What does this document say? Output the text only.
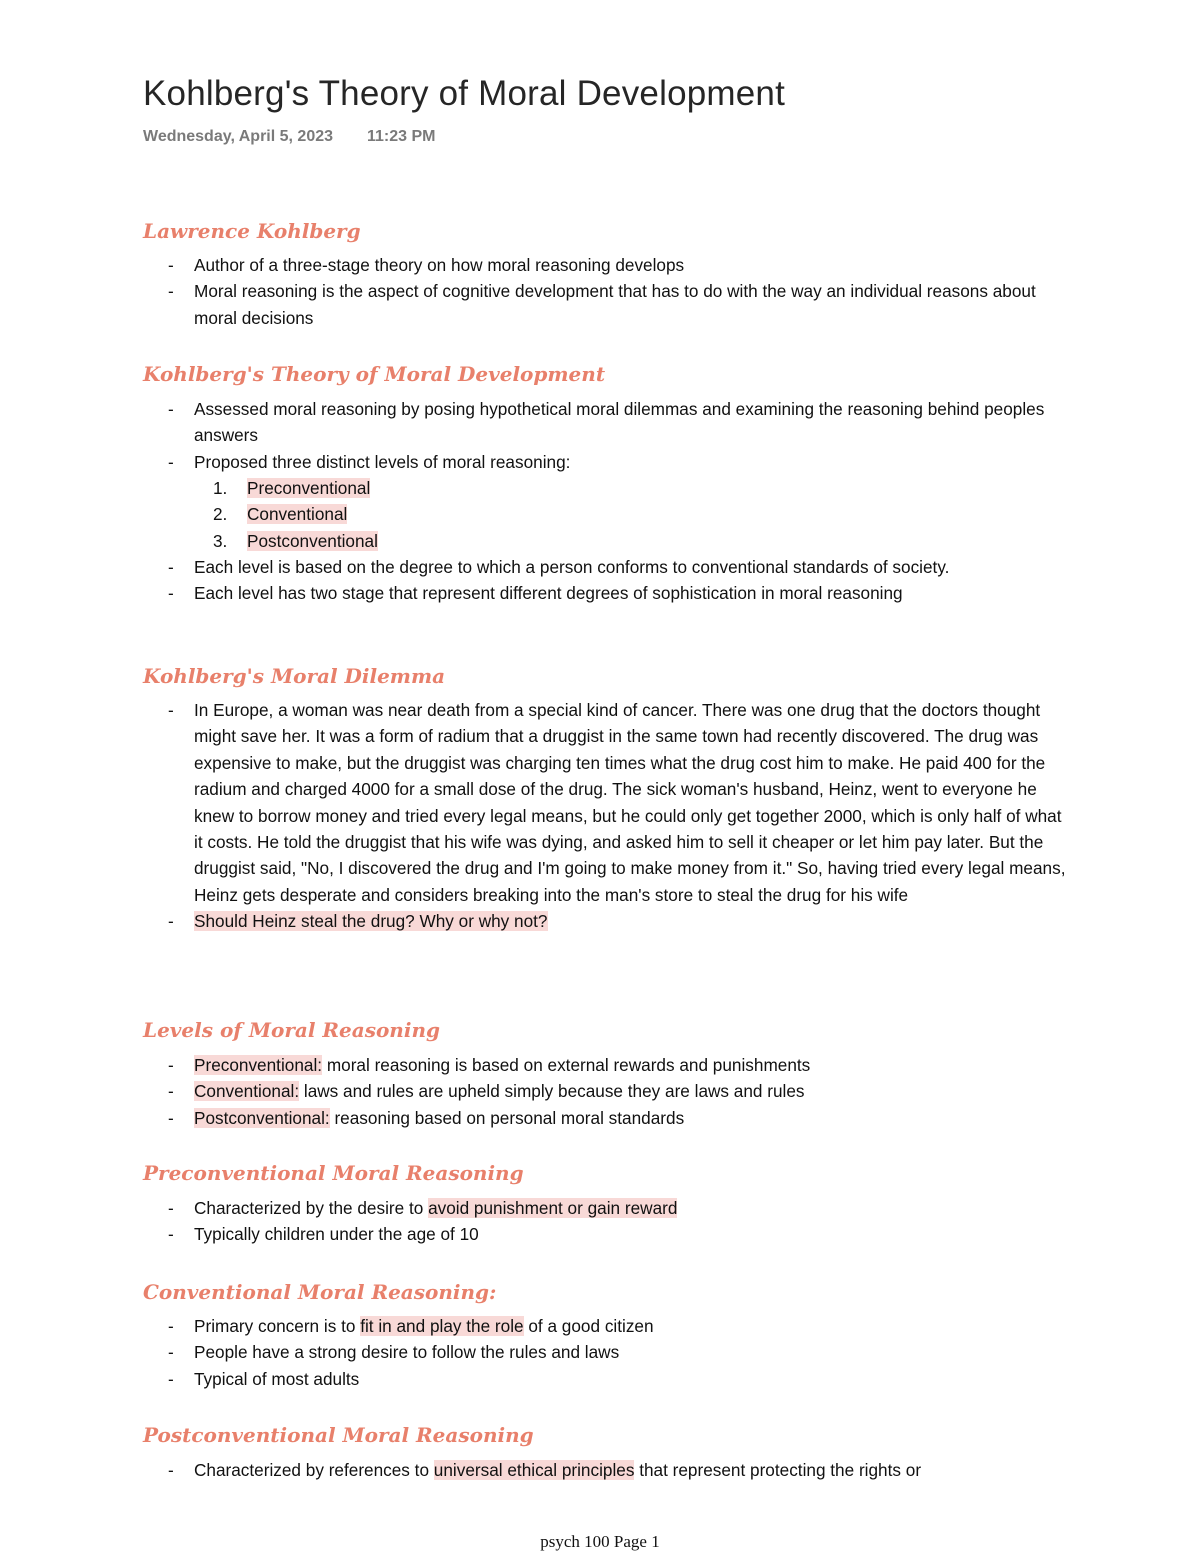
Kohlberg's Theory of Moral Development
Wednesday, April 5, 2023 11:23 PM
Lawrence Kohlberg
-	Author of a three-stage theory on how moral reasoning develops
-	Moral reasoning is the aspect of cognitive development that has to do with the way an individual reasons about moral decisions
Kohlberg's Theory of Moral Development
-	Assessed moral reasoning by posing hypothetical moral dilemmas and examining the reasoning behind peoples answers
-	Proposed three distinct levels of moral reasoning:
1. Preconventional
2. Conventional
3. Postconventional
-	Each level is based on the degree to which a person conforms to conventional standards of society.
-	Each level has two stage that represent different degrees of sophistication in moral reasoning
Kohlberg's Moral Dilemma
-	In Europe, a woman was near death from a special kind of cancer. There was one drug that the doctors thought might save her. It was a form of radium that a druggist in the same town had recently discovered. The drug was expensive to make, but the druggist was charging ten times what the drug cost him to make. He paid 400 for the radium and charged 4000 for a small dose of the drug. The sick woman's husband, Heinz, went to everyone he knew to borrow money and tried every legal means, but he could only get together 2000, which is only half of what it costs. He told the druggist that his wife was dying, and asked him to sell it cheaper or let him pay later. But the druggist said, "No, I discovered the drug and I'm going to make money from it." So, having tried every legal means, Heinz gets desperate and considers breaking into the man's store to steal the drug for his wife
-	Should Heinz steal the drug? Why or why not?
Levels of Moral Reasoning
-	Preconventional: moral reasoning is based on external rewards and punishments
-	Conventional: laws and rules are upheld simply because they are laws and rules
-	Postconventional: reasoning based on personal moral standards
Preconventional Moral Reasoning
-	Characterized by the desire to avoid punishment or gain reward
-	Typically children under the age of 10
Conventional Moral Reasoning:
-	Primary concern is to fit in and play the role of a good citizen
-	People have a strong desire to follow the rules and laws
-	Typical of most adults
Postconventional Moral Reasoning
-	Characterized by references to universal ethical principles that represent protecting the rights or
psych 100 Page 1
